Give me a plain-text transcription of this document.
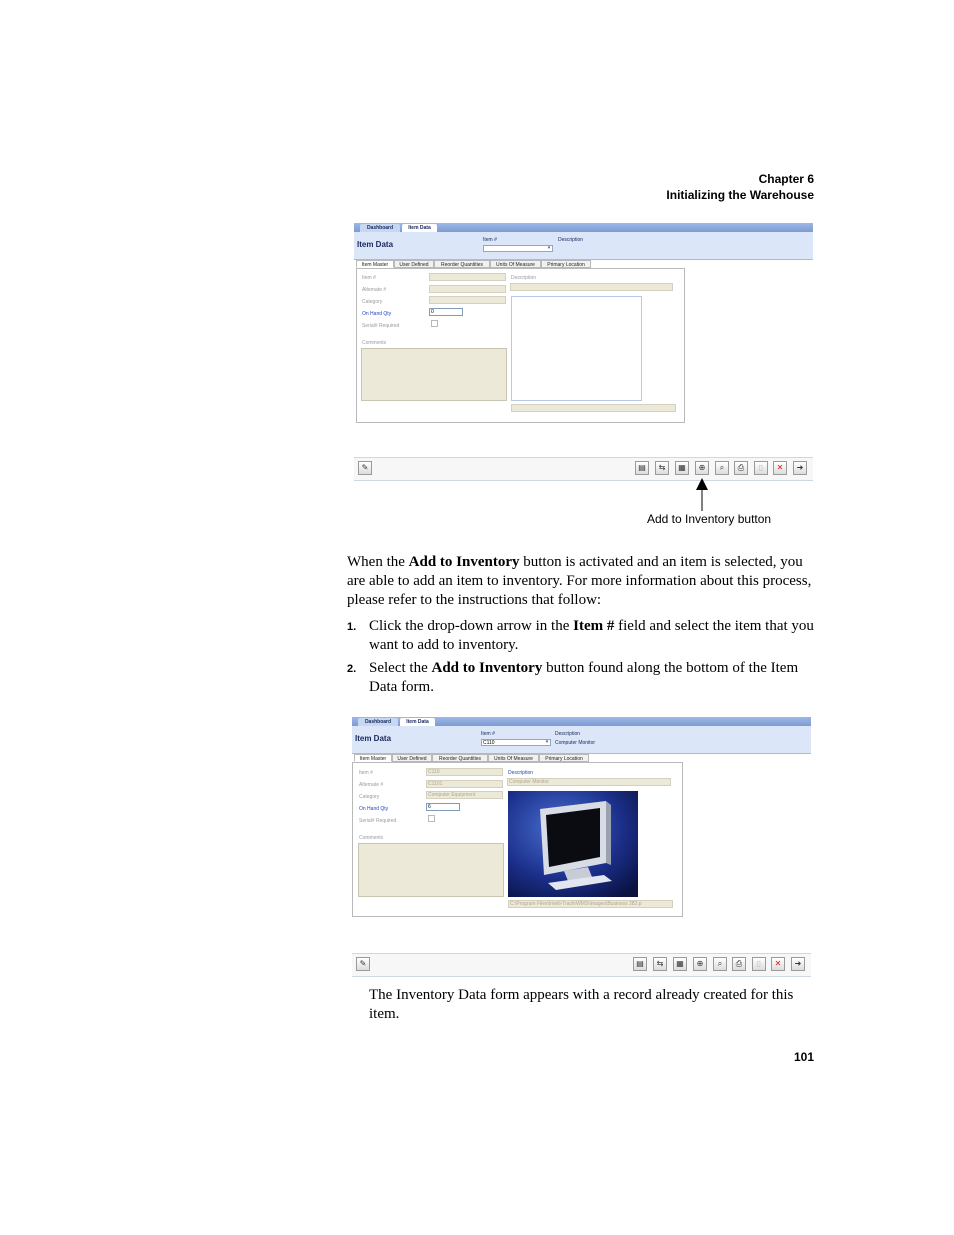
Chapter 6
Initializing the Warehouse
Dashboard	Item Data	x
Item Data	Item #
▾
Description
Item Master	User Defined	Reorder Quantities	Units Of Measure	Primary Location
Item #
Alternate #
Category
On Hand Qty	0
Serial# Required
Comments
Description
✎	▤	⇆	▦	⊕	⌕	⎙	▯	✕	➜
Add to Inventory button
When the Add to Inventory button is activated and an item is selected, you are able to add an item to inventory. For more information about this process, please refer to the instructions that follow:
1. Click the drop-down arrow in the Item # field and select the item that you want to add to inventory.
2. Select the Add to Inventory button found along the bottom of the Item Data form.
Dashboard	Item Data	x
Item Data	Item #
C110	▾
Description
Computer Monitor
Item Master	User Defined	Reorder Quantities	Units Of Measure	Primary Location
Item #	C110
Alternate #	C1101
Category	Computer Equipment
On Hand Qty	6
Serial# Required
Comments
Description
Computer Monitor
C:\Program Files\Intelli-Track\WMS\Images\Business 282.p
✎	▤	⇆	▦	⊕	⌕	⎙	▯	✕	➜
The Inventory Data form appears with a record already created for this item.
101
